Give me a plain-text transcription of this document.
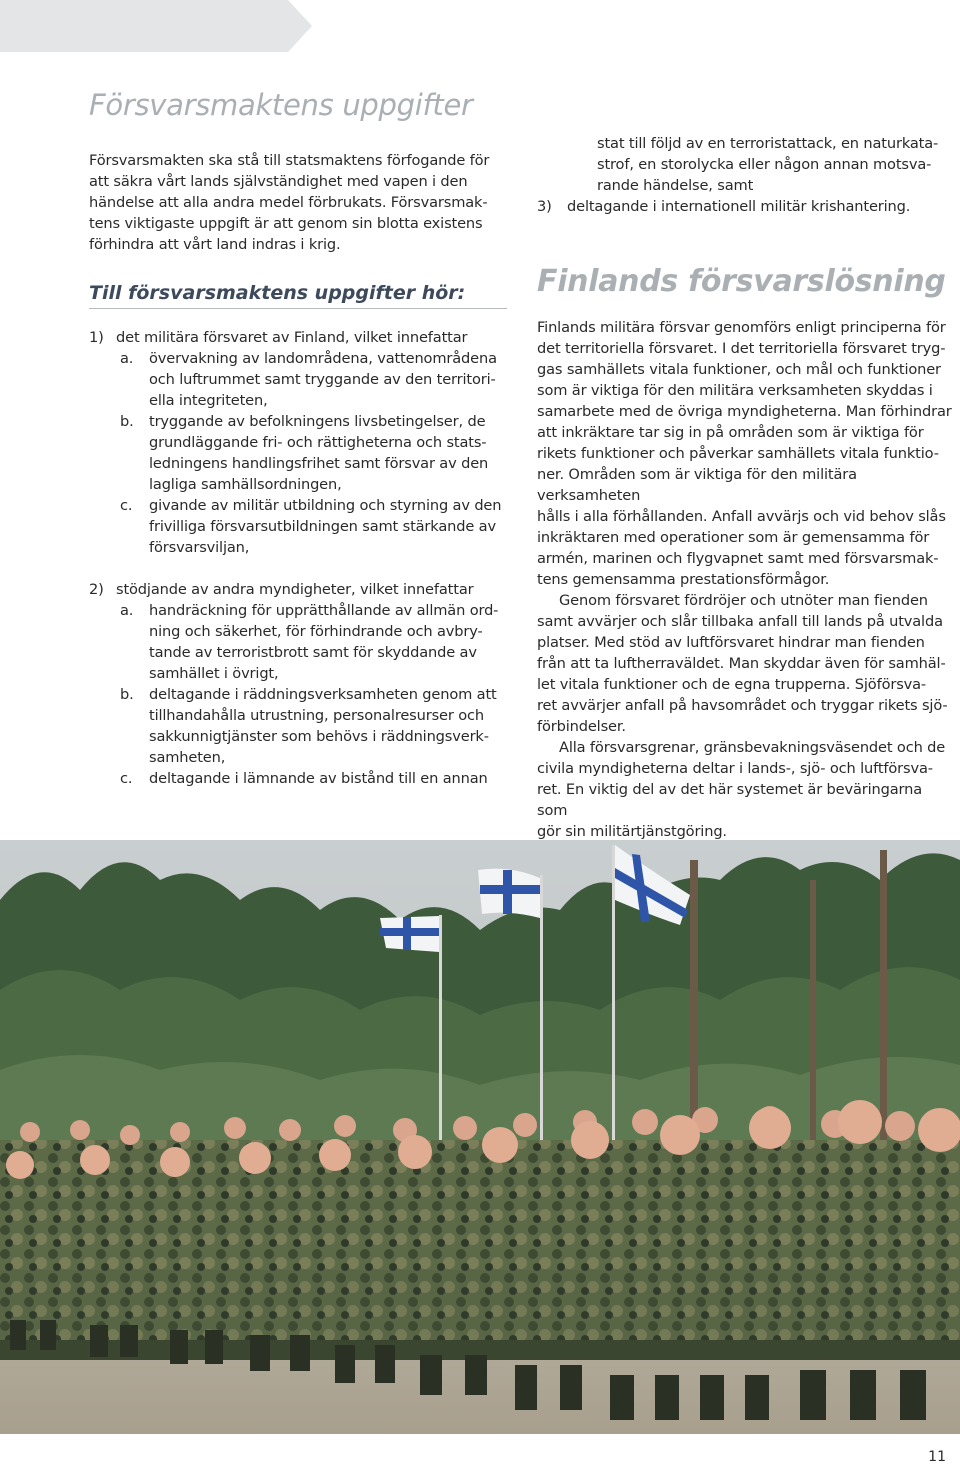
Försvarsmaktens uppgifter
Försvarsmakten ska stå till statsmaktens förfogande för
att säkra vårt lands självständighet med vapen i den
händelse att alla andra medel förbrukats. Försvarsmak-
tens viktigaste uppgift är att genom sin blotta existens
förhindra att vårt land indras i krig.
Till försvarsmaktens uppgifter hör:
1) det militära försvaret av Finland, vilket innefattar
a. övervakning av landområdena, vattenområdena
och luftrummet samt tryggande av den territori-
ella integriteten,
b. tryggande av befolkningens livsbetingelser, de
grundläggande fri- och rättigheterna och stats-
ledningens handlingsfrihet samt försvar av den
lagliga samhällsordningen,
c. givande av militär utbildning och styrning av den
frivilliga försvarsutbildningen samt stärkande av
försvarsviljan,
2) stödjande av andra myndigheter, vilket innefattar
a. handräckning för upprätthållande av allmän ord-
ning och säkerhet, för förhindrande och avbry-
tande av terroristbrott samt för skyddande av
samhället i övrigt,
b. deltagande i räddningsverksamheten genom att
tillhandahålla utrustning, personalresurser och
sakkunnigtjänster som behövs i räddningsverk-
samheten,
c. deltagande i lämnande av bistånd till en annan
stat till följd av en terroristattack, en naturkata-
strof, en storolycka eller någon annan motsva-
rande händelse, samt
3) deltagande i internationell militär krishantering.
Finlands försvarslösning
Finlands militära försvar genomförs enligt principerna för
det territoriella försvaret. I det territoriella försvaret tryg-
gas samhällets vitala funktioner, och mål och funktioner
som är viktiga för den militära verksamheten skyddas i
samarbete med de övriga myndigheterna. Man förhindrar
att inkräktare tar sig in på områden som är viktiga för
rikets funktioner och påverkar samhällets vitala funktio-
ner. Områden som är viktiga för den militära verksamheten
hålls i alla förhållanden. Anfall avvärjs och vid behov slås
inkräktaren med operationer som är gemensamma för
armén, marinen och flygvapnet samt med försvarsmak-
tens gemensamma prestationsförmågor.
Genom försvaret fördröjer och utnöter man fienden
samt avvärjer och slår tillbaka anfall till lands på utvalda
platser. Med stöd av luftförsvaret hindrar man fienden
från att ta luftherraväldet. Man skyddar även för samhäl-
let vitala funktioner och de egna trupperna. Sjöförsva-
ret avvärjer anfall på havsområdet och tryggar rikets sjö-
förbindelser.
Alla försvarsgrenar, gränsbevakningsväsendet och de
civila myndigheterna deltar i lands-, sjö- och luftförsva-
ret. En viktig del av det här systemet är beväringarna som
gör sin militärtjänstgöring.
11
